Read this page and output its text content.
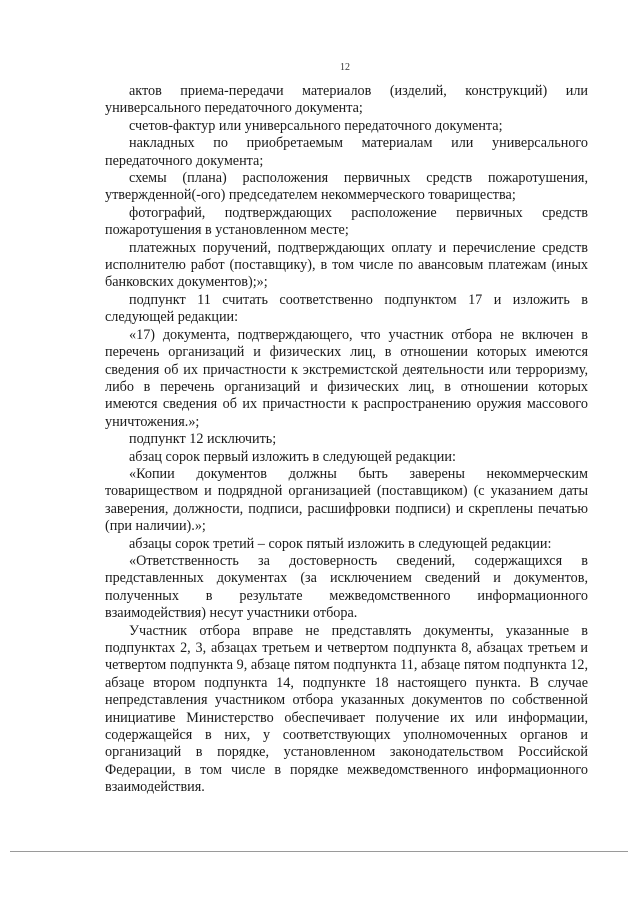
12

актов приема-передачи материалов (изделий, конструкций) или универсального передаточного документа;

счетов-фактур или универсального передаточного документа;

накладных по приобретаемым материалам или универсального передаточного документа;

схемы (плана) расположения первичных средств пожаротушения, утвержденной(-ого) председателем некоммерческого товарищества;

фотографий, подтверждающих расположение первичных средств пожаротушения в установленном месте;

платежных поручений, подтверждающих оплату и перечисление средств исполнителю работ (поставщику), в том числе по авансовым платежам (иных банковских документов);»;

подпункт 11 считать соответственно подпунктом 17 и изложить в следующей редакции:

«17) документа, подтверждающего, что участник отбора не включен в перечень организаций и физических лиц, в отношении которых имеются сведения об их причастности к экстремистской деятельности или терроризму, либо в перечень организаций и физических лиц, в отношении которых имеются сведения об их причастности к распространению оружия массового уничтожения.»;

подпункт 12 исключить;

абзац сорок первый изложить в следующей редакции:

«Копии документов должны быть заверены некоммерческим товариществом и подрядной организацией (поставщиком) (с указанием даты заверения, должности, подписи, расшифровки подписи) и скреплены печатью (при наличии).»;

абзацы сорок третий – сорок пятый изложить в следующей редакции:

«Ответственность за достоверность сведений, содержащихся в представленных документах (за исключением сведений и документов, полученных в результате межведомственного информационного взаимодействия) несут участники отбора.

Участник отбора вправе не представлять документы, указанные в подпунктах 2, 3, абзацах третьем и четвертом подпункта 8, абзацах третьем и четвертом подпункта 9, абзаце пятом подпункта 11, абзаце пятом подпункта 12, абзаце втором подпункта 14, подпункте 18 настоящего пункта. В случае непредставления участником отбора указанных документов по собственной инициативе Министерство обеспечивает получение их или информации, содержащейся в них, у соответствующих уполномоченных органов и организаций в порядке, установленном законодательством Российской Федерации, в том числе в порядке межведомственного информационного взаимодействия.
